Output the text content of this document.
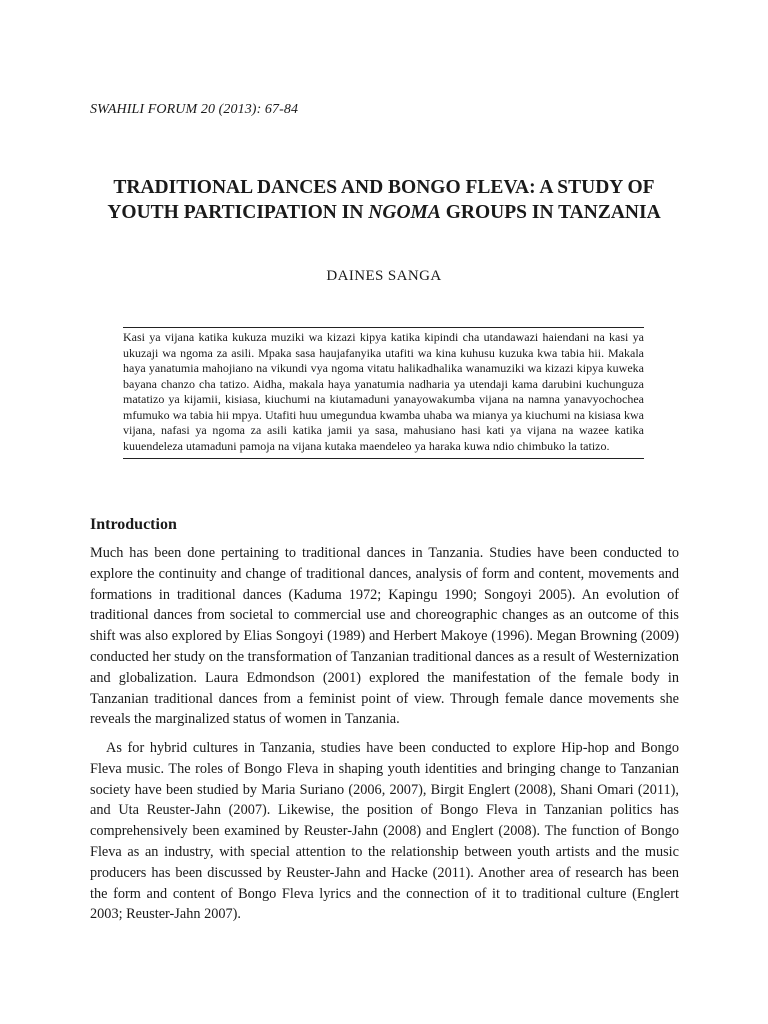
SWAHILI FORUM 20 (2013): 67-84
TRADITIONAL DANCES AND BONGO FLEVA: A STUDY OF
YOUTH PARTICIPATION IN NGOMA GROUPS IN TANZANIA
DAINES SANGA
Kasi ya vijana katika kukuza muziki wa kizazi kipya katika kipindi cha utandawazi haiendani na kasi ya ukuzaji wa ngoma za asili. Mpaka sasa haujafanyika utafiti wa kina kuhusu kuzuka kwa tabia hii. Makala haya yanatumia mahojiano na vikundi vya ngoma vitatu halikadhalika wanamuziki wa kizazi kipya kuweka bayana chanzo cha tatizo. Aidha, makala haya yanatumia nadharia ya utendaji kama darubini kuchunguza matatizo ya kijamii, kisiasa, kiuchumi na kiutamaduni yanayowakumba vijana na namna yanavyochochea mfumuko wa tabia hii mpya. Utafiti huu umegundua kwamba uhaba wa mianya ya kiuchumi na kisiasa kwa vijana, nafasi ya ngoma za asili katika jamii ya sasa, mahusiano hasi kati ya vijana na wazee katika kuuendeleza utamaduni pamoja na vijana kutaka maendeleo ya haraka kuwa ndio chimbuko la tatizo.
Introduction

Much has been done pertaining to traditional dances in Tanzania. Studies have been conducted to explore the continuity and change of traditional dances, analysis of form and content, movements and formations in traditional dances (Kaduma 1972; Kapingu 1990; Songoyi 2005). An evolution of traditional dances from societal to commercial use and choreographic changes as an outcome of this shift was also explored by Elias Songoyi (1989) and Herbert Makoye (1996). Megan Browning (2009) conducted her study on the transformation of Tanzanian traditional dances as a result of Westernization and globalization. Laura Edmondson (2001) explored the manifestation of the female body in Tanzanian traditional dances from a feminist point of view. Through female dance movements she reveals the marginalized status of women in Tanzania.

As for hybrid cultures in Tanzania, studies have been conducted to explore Hip-hop and Bongo Fleva music. The roles of Bongo Fleva in shaping youth identities and bringing change to Tanzanian society have been studied by Maria Suriano (2006, 2007), Birgit Englert (2008), Shani Omari (2011), and Uta Reuster-Jahn (2007). Likewise, the position of Bongo Fleva in Tanzanian politics has comprehensively been examined by Reuster-Jahn (2008) and Englert (2008). The function of Bongo Fleva as an industry, with special attention to the relationship between youth artists and the music producers has been discussed by Reuster-Jahn and Hacke (2011). Another area of research has been the form and content of Bongo Fleva lyrics and the connection of it to traditional culture (Englert 2003; Reuster-Jahn 2007).
